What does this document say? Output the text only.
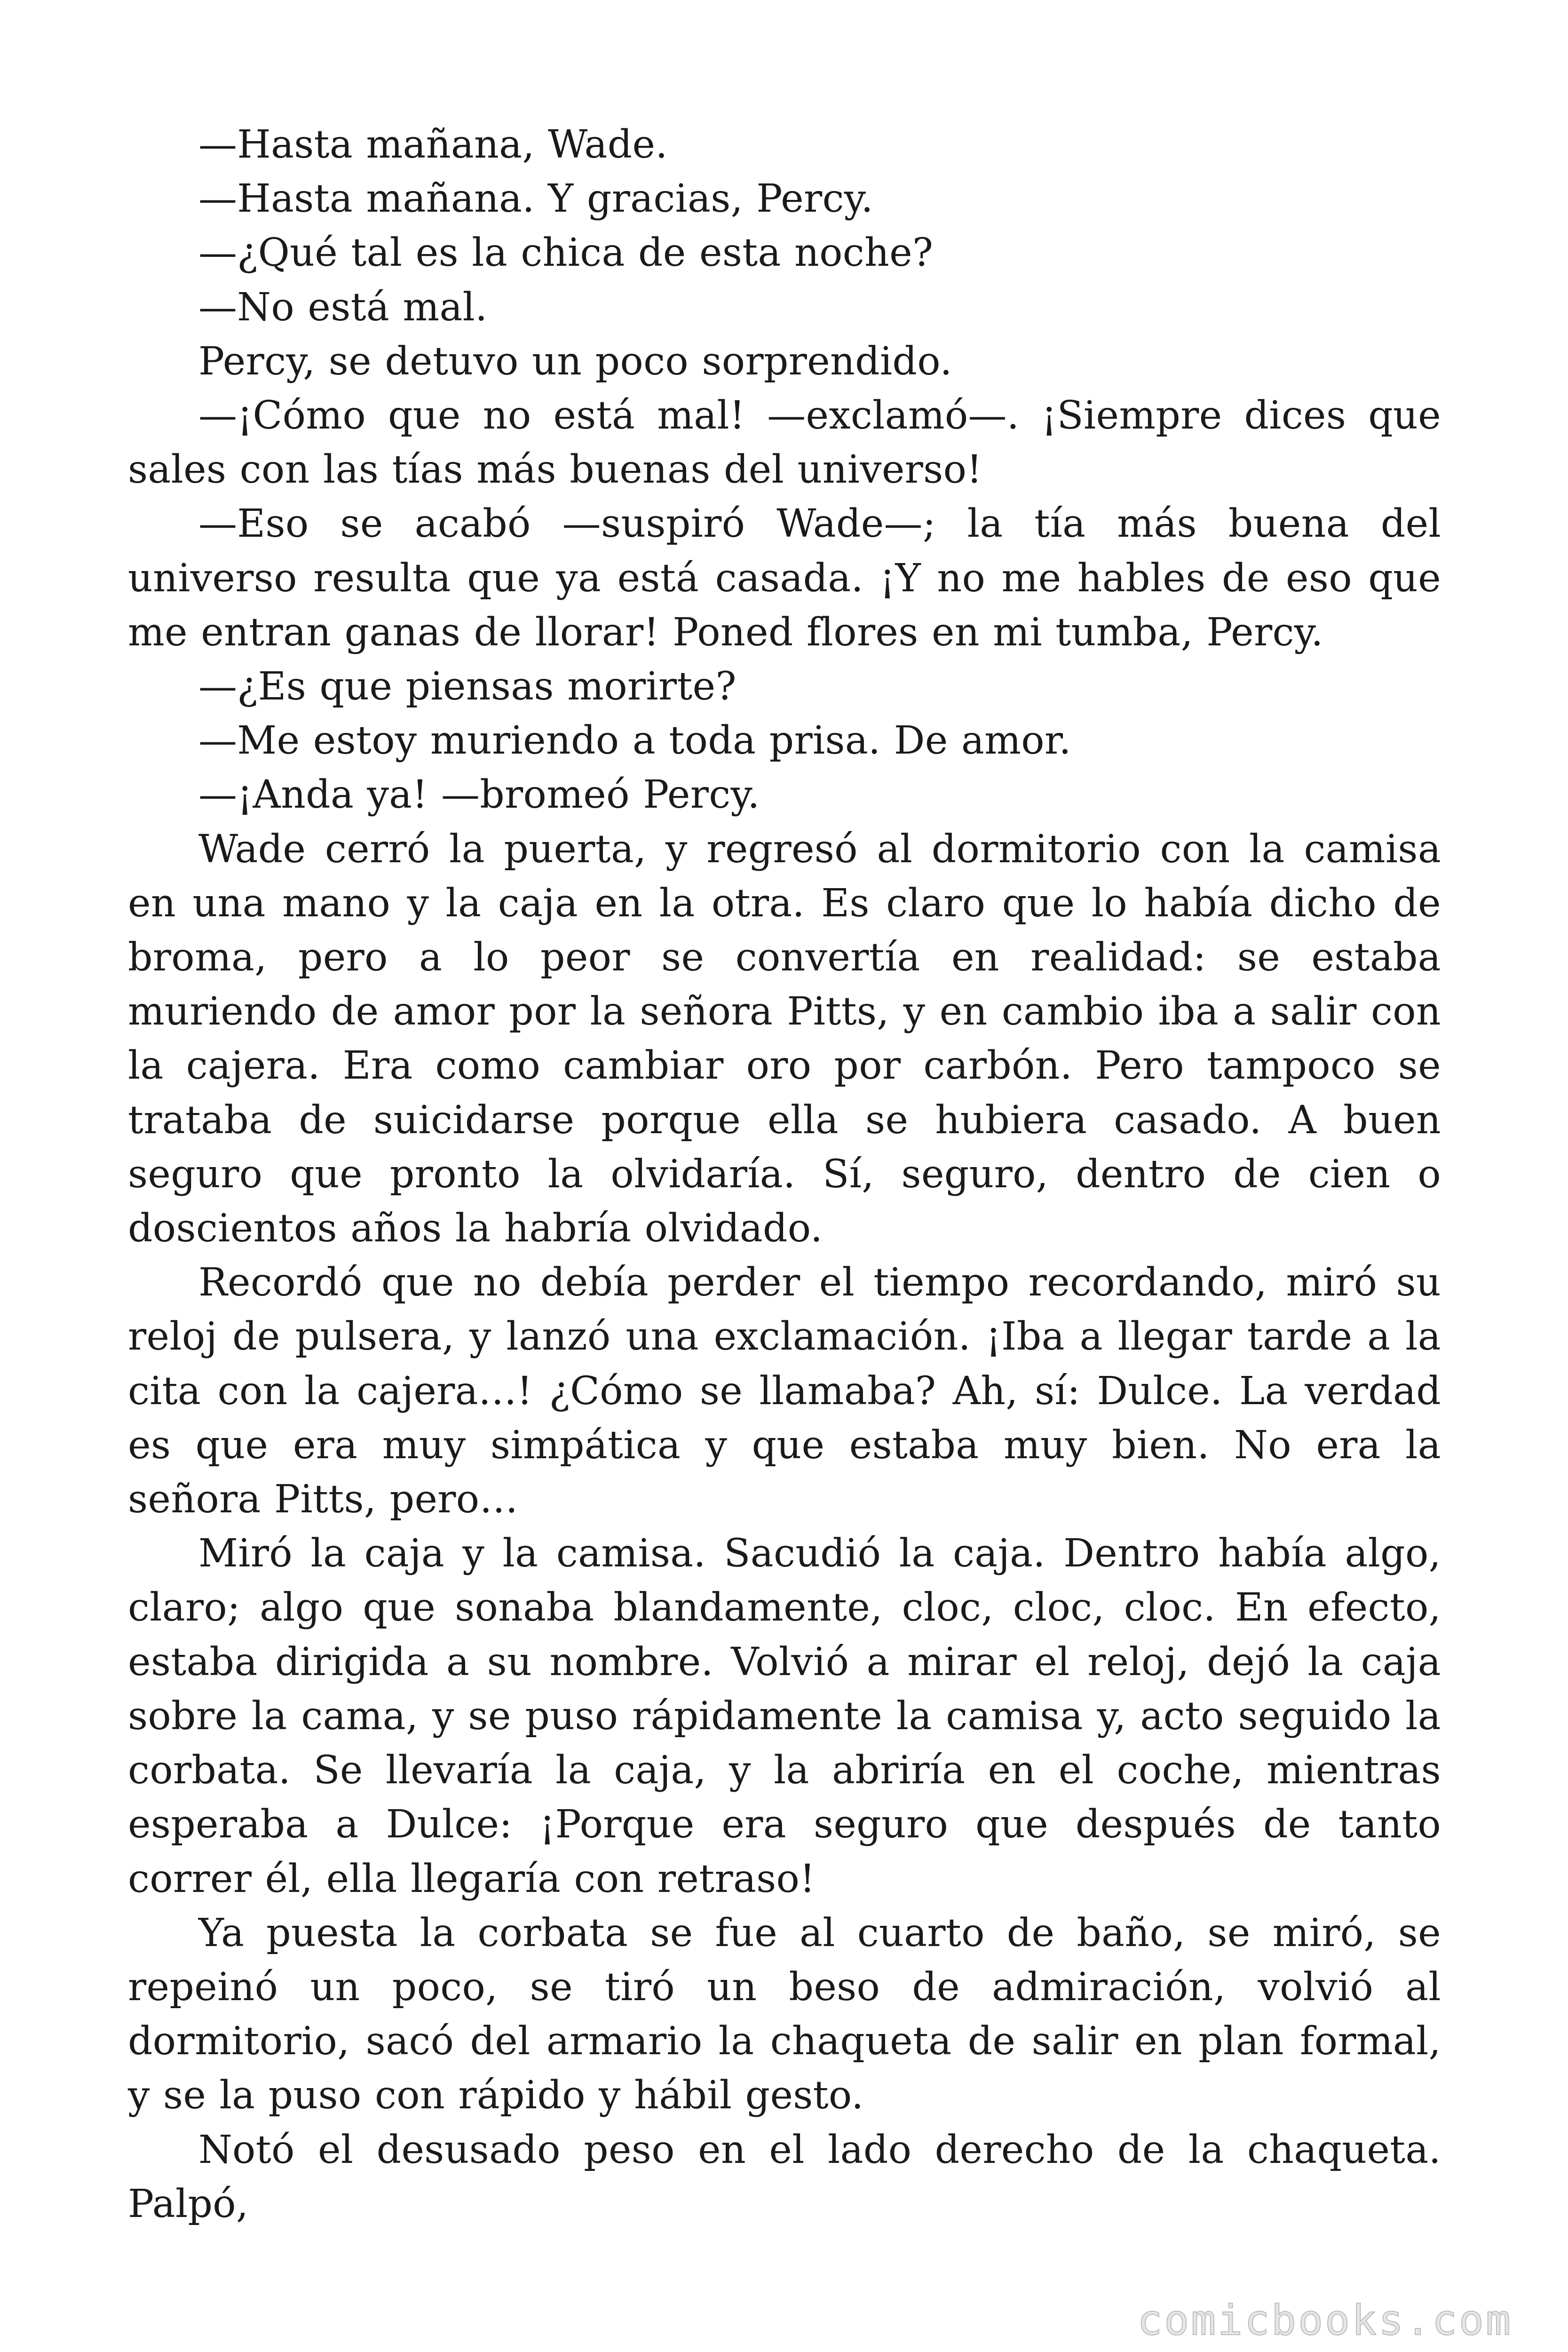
—Hasta mañana, Wade.

—Hasta mañana. Y gracias, Percy.

—¿Qué tal es la chica de esta noche?

—No está mal.

Percy, se detuvo un poco sorprendido.

—¡Cómo que no está mal! —exclamó—. ¡Siempre dices que sales con las tías más buenas del universo!

—Eso se acabó —suspiró Wade—; la tía más buena del universo resulta que ya está casada. ¡Y no me hables de eso que me entran ganas de llorar! Poned flores en mi tumba, Percy.

—¿Es que piensas morirte?

—Me estoy muriendo a toda prisa. De amor.

—¡Anda ya! —bromeó Percy.

Wade cerró la puerta, y regresó al dormitorio con la camisa en una mano y la caja en la otra. Es claro que lo había dicho de broma, pero a lo peor se convertía en realidad: se estaba muriendo de amor por la señora Pitts, y en cambio iba a salir con la cajera. Era como cambiar oro por carbón. Pero tampoco se trataba de suicidarse porque ella se hubiera casado. A buen seguro que pronto la olvidaría. Sí, seguro, dentro de cien o doscientos años la habría olvidado.

Recordó que no debía perder el tiempo recordando, miró su reloj de pulsera, y lanzó una exclamación. ¡Iba a llegar tarde a la cita con la cajera…! ¿Cómo se llamaba? Ah, sí: Dulce. La verdad es que era muy simpática y que estaba muy bien. No era la señora Pitts, pero…

Miró la caja y la camisa. Sacudió la caja. Dentro había algo, claro; algo que sonaba blandamente, cloc, cloc, cloc. En efecto, estaba dirigida a su nombre. Volvió a mirar el reloj, dejó la caja sobre la cama, y se puso rápidamente la camisa y, acto seguido la corbata. Se llevaría la caja, y la abriría en el coche, mientras esperaba a Dulce: ¡Porque era seguro que después de tanto correr él, ella llegaría con retraso!

Ya puesta la corbata se fue al cuarto de baño, se miró, se repeinó un poco, se tiró un beso de admiración, volvió al dormitorio, sacó del armario la chaqueta de salir en plan formal, y se la puso con rápido y hábil gesto.

Notó el desusado peso en el lado derecho de la chaqueta. Palpó,

comicbooks.com
